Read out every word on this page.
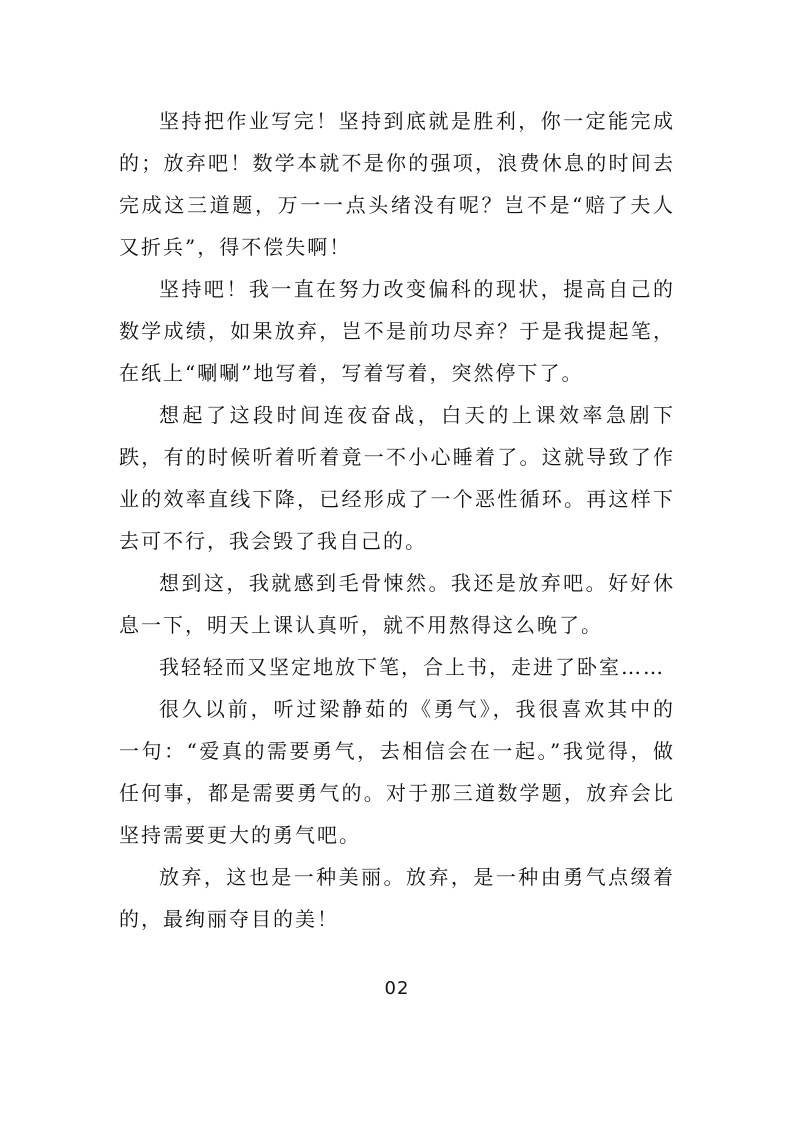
坚持把作业写完！坚持到底就是胜利，你一定能完成的；放弃吧！数学本就不是你的强项，浪费休息的时间去完成这三道题，万一一点头绪没有呢？岂不是“赔了夫人又折兵”，得不偿失啊！

坚持吧！我一直在努力改变偏科的现状，提高自己的数学成绩，如果放弃，岂不是前功尽弃？于是我提起笔，在纸上“唰唰”地写着，写着写着，突然停下了。

想起了这段时间连夜奋战，白天的上课效率急剧下跌，有的时候听着听着竟一不小心睡着了。这就导致了作业的效率直线下降，已经形成了一个恶性循环。再这样下去可不行，我会毁了我自己的。

想到这，我就感到毛骨悚然。我还是放弃吧。好好休息一下，明天上课认真听，就不用熬得这么晚了。

我轻轻而又坚定地放下笔，合上书，走进了卧室……

很久以前，听过梁静茹的《勇气》，我很喜欢其中的一句：“爱真的需要勇气，去相信会在一起。”我觉得，做任何事，都是需要勇气的。对于那三道数学题，放弃会比坚持需要更大的勇气吧。

放弃，这也是一种美丽。放弃，是一种由勇气点缀着的，最绚丽夺目的美！

02
